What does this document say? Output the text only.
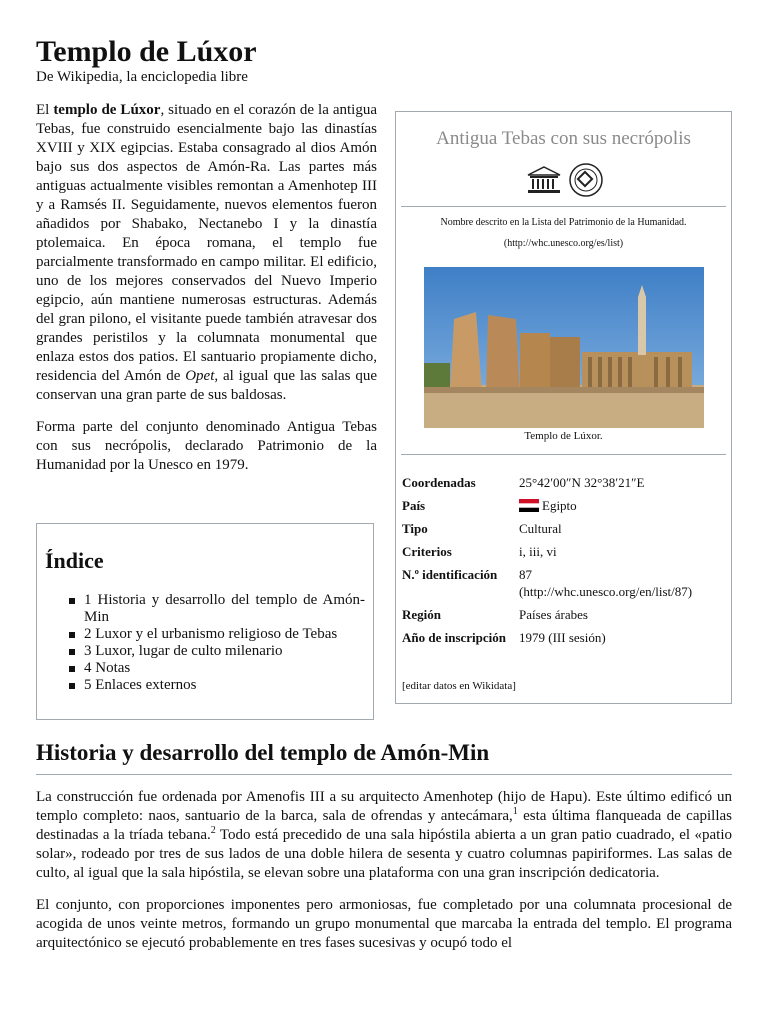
Templo de Lúxor
De Wikipedia, la enciclopedia libre

El templo de Lúxor, situado en el corazón de la antigua Tebas, fue construido esencialmente bajo las dinastías XVIII y XIX egipcias. Estaba consagrado al dios Amón bajo sus dos aspectos de Amón-Ra. Las partes más antiguas actualmente visibles remontan a Amenhotep III y a Ramsés II. Seguidamente, nuevos elementos fueron añadidos por Shabako, Nectanebo I y la dinastía ptolemaica. En época romana, el templo fue parcialmente transformado en campo militar. El edificio, uno de los mejores conservados del Nuevo Imperio egipcio, aún mantiene numerosas estructuras. Además del gran pilono, el visitante puede también atravesar dos grandes peristilos y la columnata monumental que enlaza estos dos patios. El santuario propiamente dicho, residencia del Amón de Opet, al igual que las salas que conservan una gran parte de sus baldosas.

Forma parte del conjunto denominado Antigua Tebas con sus necrópolis, declarado Patrimonio de la Humanidad por la Unesco en 1979.

Índice
1 Historia y desarrollo del templo de Amón-Min
2 Luxor y el urbanismo religioso de Tebas
3 Luxor, lugar de culto milenario
4 Notas
5 Enlaces externos
Antigua Tebas con sus necrópolis
Nombre descrito en la Lista del Patrimonio de la Humanidad.
(http://whc.unesco.org/es/list)
Templo de Lúxor.
Coordenadas	25°42′00″N 32°38′21″E
País	Egipto
Tipo	Cultural
Criterios	i, iii, vi
N.º identificación	87
(http://whc.unesco.org/en/list/87)
Región	Países árabes
Año de inscripción 1979 (III sesión)
[editar datos en Wikidata]
Historia y desarrollo del templo de Amón-Min

La construcción fue ordenada por Amenofis III a su arquitecto Amenhotep (hijo de Hapu). Este último edificó un templo completo: naos, santuario de la barca, sala de ofrendas y antecámara,$^1$ esta última flanqueada de capillas destinadas a la tríada tebana.$^2$ Todo está precedido de una sala hipóstila abierta a un gran patio cuadrado, el «patio solar», rodeado por tres de sus lados de una doble hilera de sesenta y cuatro columnas papiriformes. Las salas de culto, al igual que la sala hipóstila, se elevan sobre una plataforma con una gran inscripción dedicatoria.

El conjunto, con proporciones imponentes pero armoniosas, fue completado por una columnata procesional de acogida de unos veinte metros, formando un grupo monumental que marcaba la entrada del templo. El programa arquitectónico se ejecutó probablemente en tres fases sucesivas y ocupó todo el
